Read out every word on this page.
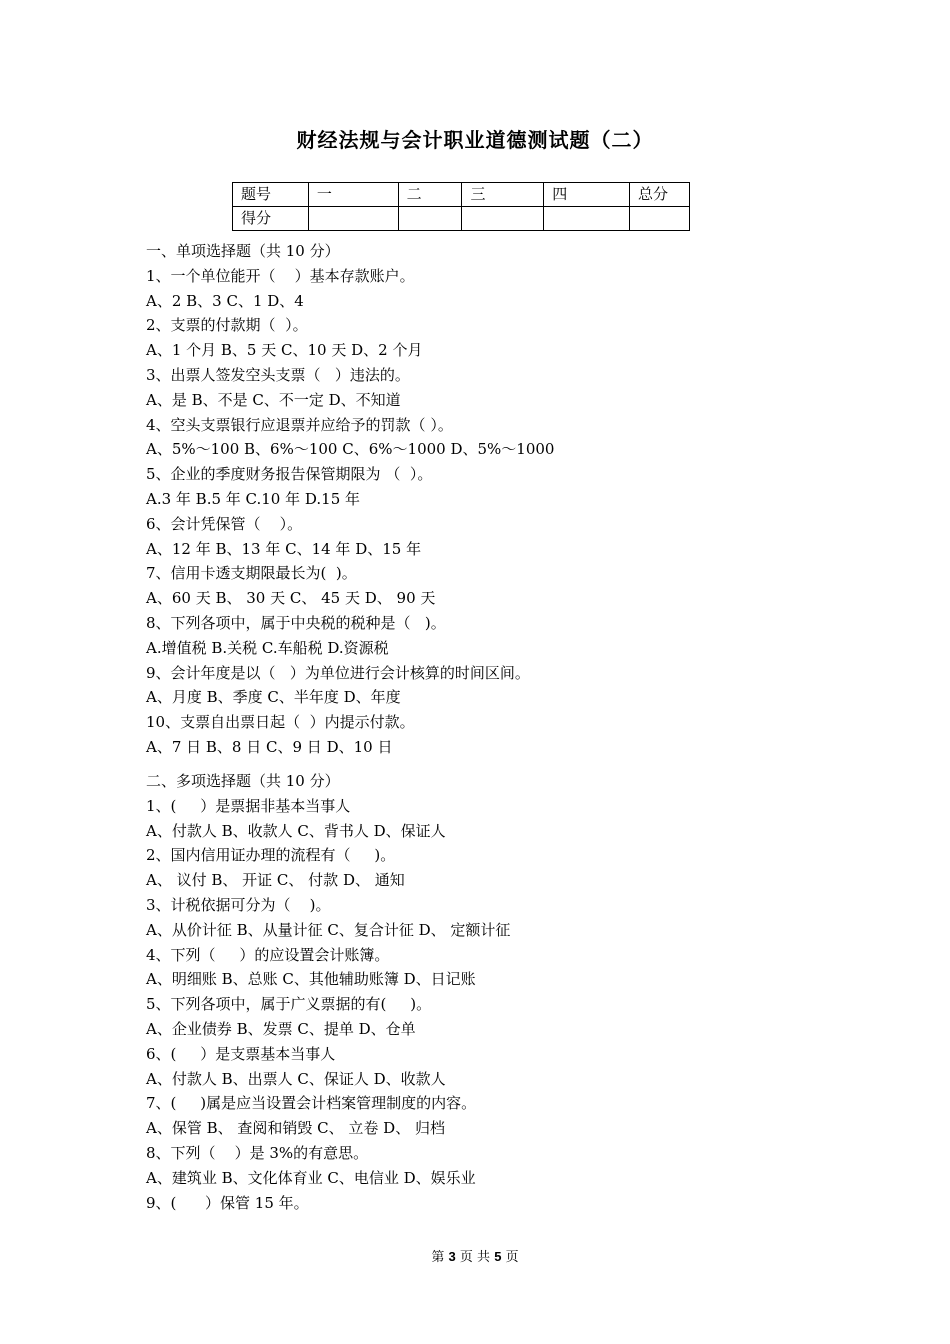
财经法规与会计职业道德测试题（二）
题号	一	二	三	四	总分
得分					
一、单项选择题（共 10 分）
1、一个单位能开（    ）基本存款账户。
A、2 B、3 C、1 D、4
2、支票的付款期（  ）。
A、1 个月 B、5 天 C、10 天 D、2 个月
3、出票人签发空头支票（   ）违法的。
A、是 B、不是 C、不一定 D、不知道
4、空头支票银行应退票并应给予的罚款（ ）。
A、5%～100 B、6%～100 C、6%～1000 D、5%～1000
5、企业的季度财务报告保管期限为 （  ）。
A.3 年 B.5 年 C.10 年 D.15 年
6、会计凭保管（    ）。
A、12 年 B、13 年 C、14 年 D、15 年
7、信用卡透支期限最长为(  )。
A、60 天 B、 30 天 C、 45 天 D、 90 天
8、下列各项中，属于中央税的税种是（   )。
A.增值税 B.关税 C.车船税 D.资源税
9、会计年度是以（   ）为单位进行会计核算的时间区间。
A、月度 B、季度 C、半年度 D、年度
10、支票自出票日起（  ）内提示付款。
A、7 日 B、8 日 C、9 日 D、10 日
二、多项选择题（共 10 分）
1、(     ）是票据非基本当事人
A、付款人 B、收款人 C、背书人 D、保证人
2、国内信用证办理的流程有（     )。
A、 议付 B、 开证 C、 付款 D、 通知
3、计税依据可分为（    )。
A、从价计征 B、从量计征 C、复合计征 D、 定额计征
4、下列（     ）的应设置会计账簿。
A、明细账 B、总账 C、其他辅助账簿 D、日记账
5、下列各项中，属于广义票据的有(     )。
A、企业债券 B、发票 C、提单 D、仓单
6、(     ）是支票基本当事人
A、付款人 B、出票人 C、保证人 D、收款人
7、(     )属是应当设置会计档案管理制度的内容。
A、保管 B、 查阅和销毁 C、 立卷 D、 归档
8、下列（    ）是 3%的有意思。
A、建筑业 B、文化体育业 C、电信业 D、娱乐业
9、(      ）保管 15 年。
第 3 页 共 5 页
